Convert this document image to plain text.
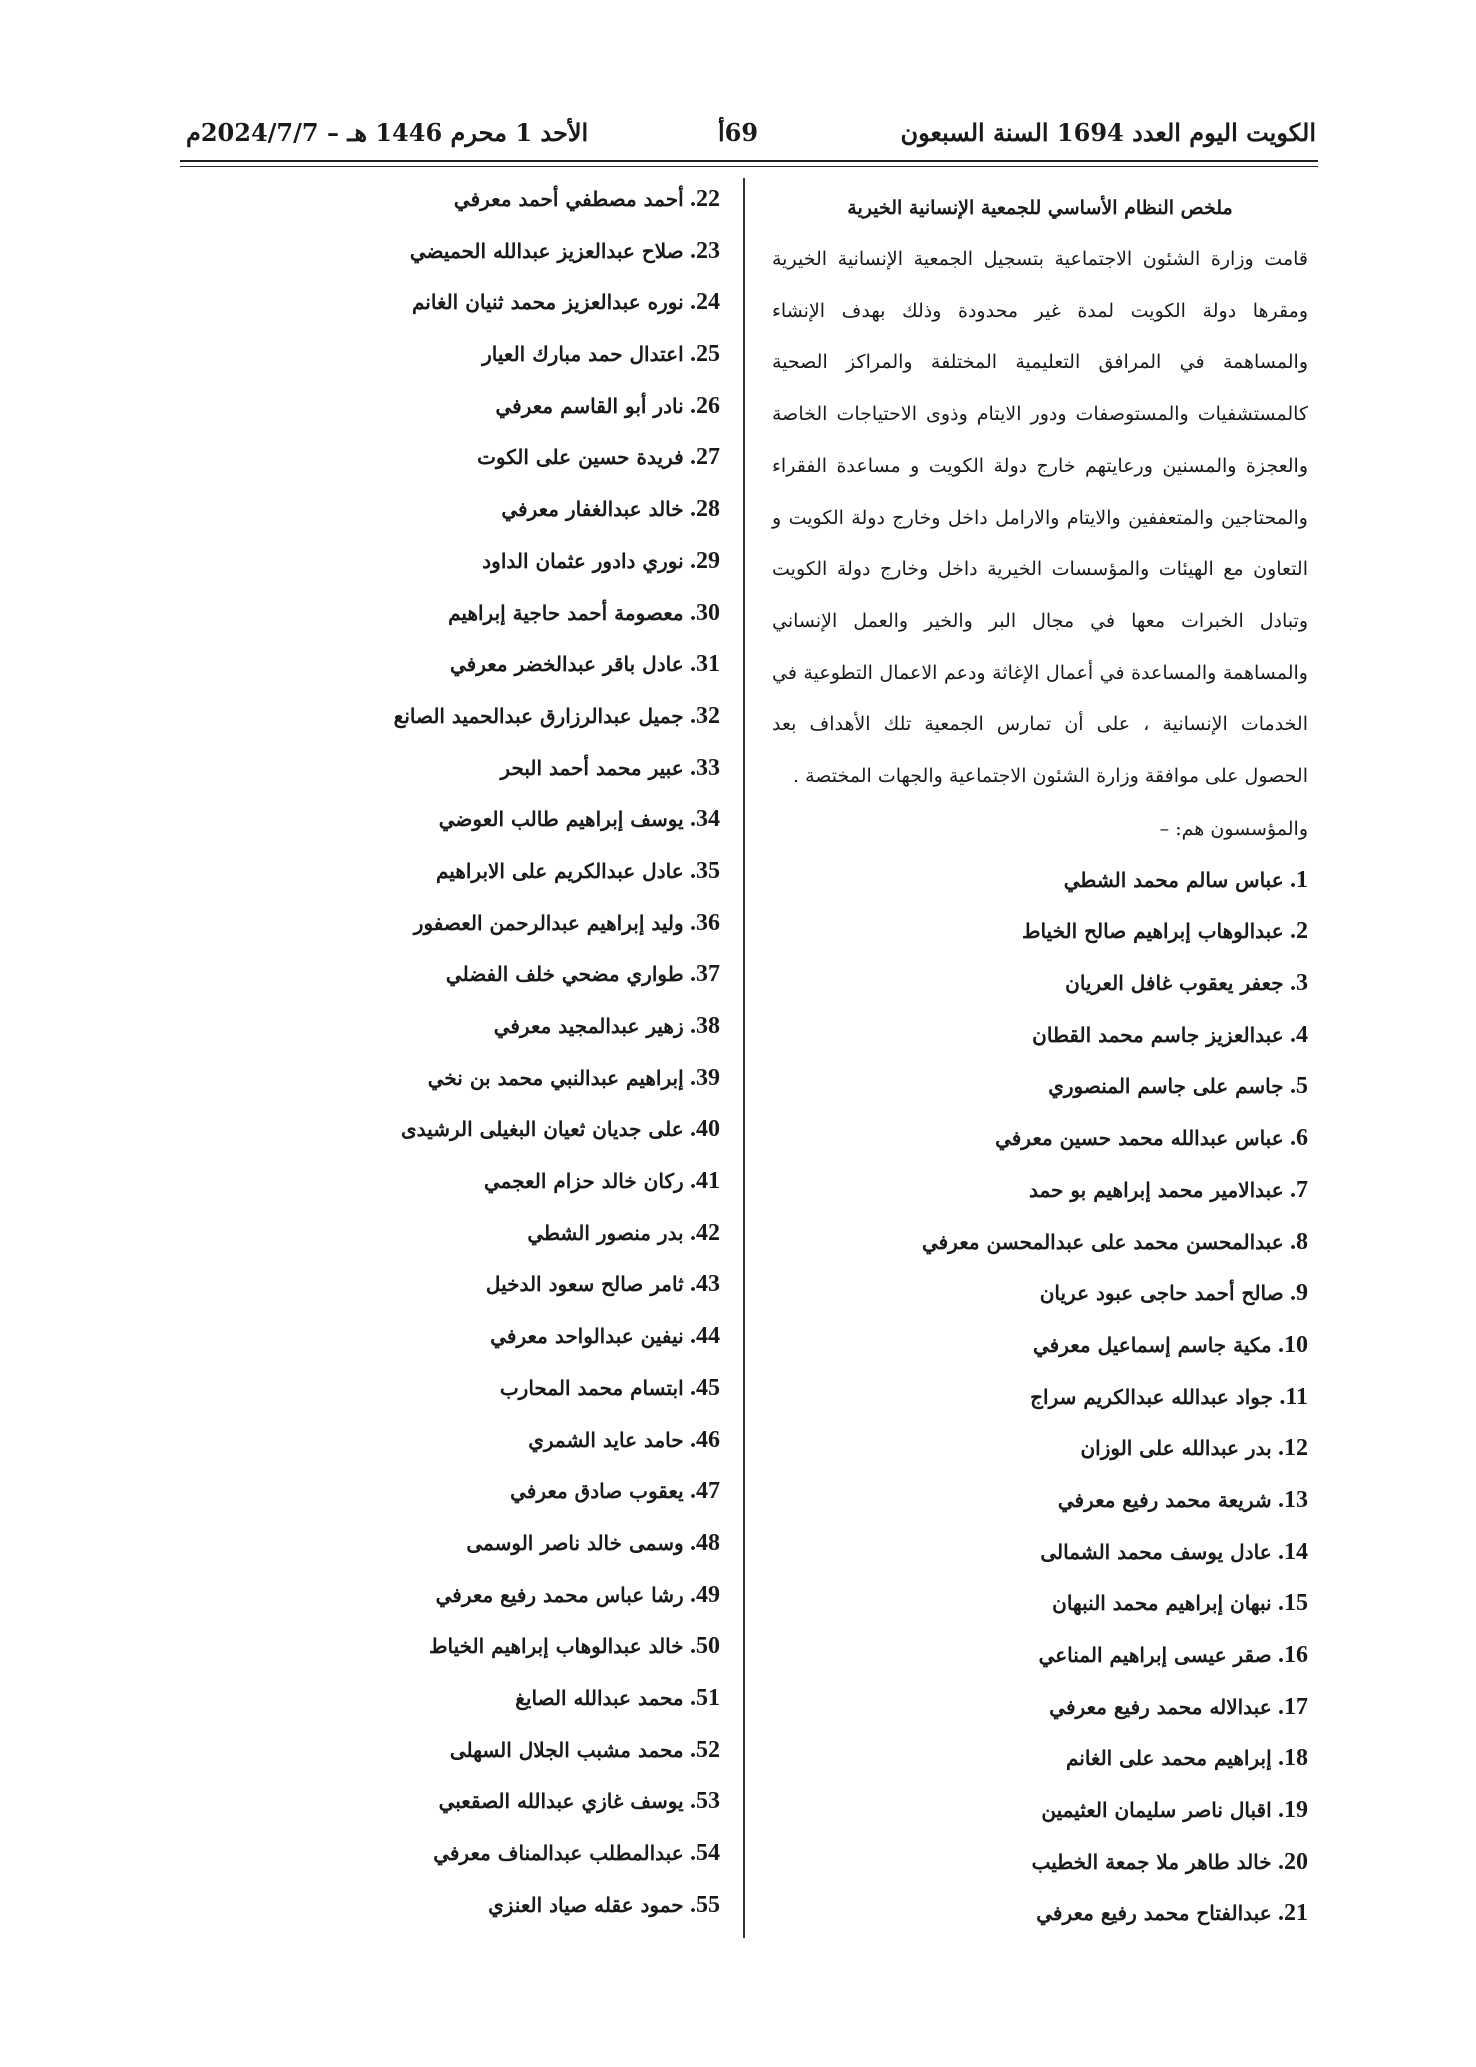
الكويت اليوم العدد 1694 السنة السبعون
69أ
الأحد 1 محرم 1446 هـ – 2024/7/7م
ملخص النظام الأساسي للجمعية الإنسانية الخيرية

قامت وزارة الشئون الاجتماعية بتسجيل الجمعية الإنسانية الخيرية ومقرها دولة الكويت لمدة غير محدودة وذلك بهدف الإنشاء والمساهمة في المرافق التعليمية المختلفة والمراكز الصحية كالمستشفيات والمستوصفات ودور الايتام وذوى الاحتياجات الخاصة والعجزة والمسنين ورعايتهم خارج دولة الكويت و مساعدة الفقراء والمحتاجين والمتعففين والايتام والارامل داخل وخارج دولة الكويت و التعاون مع الهيئات والمؤسسات الخيرية داخل وخارج دولة الكويت وتبادل الخبرات معها في مجال البر والخير والعمل الإنساني والمساهمة والمساعدة في أعمال الإغاثة ودعم الاعمال التطوعية في الخدمات الإنسانية ، على أن تمارس الجمعية تلك الأهداف بعد الحصول على موافقة وزارة الشئون الاجتماعية والجهات المختصة .

والمؤسسون هم: –

1. عباس سالم محمد الشطي
2. عبدالوهاب إبراهيم صالح الخياط
3. جعفر يعقوب غافل العريان
4. عبدالعزيز جاسم محمد القطان
5. جاسم على جاسم المنصوري
6. عباس عبدالله محمد حسين معرفي
7. عبدالامير محمد إبراهيم بو حمد
8. عبدالمحسن محمد على عبدالمحسن معرفي
9. صالح أحمد حاجى عبود عريان
10. مكية جاسم إسماعيل معرفي
11. جواد عبدالله عبدالكريم سراج
12. بدر عبدالله على الوزان
13. شريعة محمد رفيع معرفي
14. عادل يوسف محمد الشمالى
15. نبهان إبراهيم محمد النبهان
16. صقر عيسى إبراهيم المناعي
17. عبدالاله محمد رفيع معرفي
18. إبراهيم محمد على الغانم
19. اقبال ناصر سليمان العثيمين
20. خالد طاهر ملا جمعة الخطيب
21. عبدالفتاح محمد رفيع معرفي
22. أحمد مصطفي أحمد معرفي
23. صلاح عبدالعزيز عبدالله الحميضي
24. نوره عبدالعزيز محمد ثنيان الغانم
25. اعتدال حمد مبارك العيار
26. نادر أبو القاسم معرفي
27. فريدة حسين على الكوت
28. خالد عبدالغفار معرفي
29. نوري دادور عثمان الداود
30. معصومة أحمد حاجية إبراهيم
31. عادل باقر عبدالخضر معرفي
32. جميل عبدالرزارق عبدالحميد الصانع
33. عبير محمد أحمد البحر
34. يوسف إبراهيم طالب العوضي
35. عادل عبدالكريم على الابراهيم
36. وليد إبراهيم عبدالرحمن العصفور
37. طواري مضحي خلف الفضلي
38. زهير عبدالمجيد معرفي
39. إبراهيم عبدالنبي محمد بن نخي
40. على جديان ثعيان البغيلى الرشيدى
41. ركان خالد حزام العجمي
42. بدر منصور الشطي
43. ثامر صالح سعود الدخيل
44. نيفين عبدالواحد معرفي
45. ابتسام محمد المحارب
46. حامد عايد الشمري
47. يعقوب صادق معرفي
48. وسمى خالد ناصر الوسمى
49. رشا عباس محمد رفيع معرفي
50. خالد عبدالوهاب إبراهيم الخياط
51. محمد عبدالله الصايغ
52. محمد مشبب الجلال السهلى
53. يوسف غازي عبدالله الصقعبي
54. عبدالمطلب عبدالمناف معرفي
55. حمود عقله صياد العنزي
